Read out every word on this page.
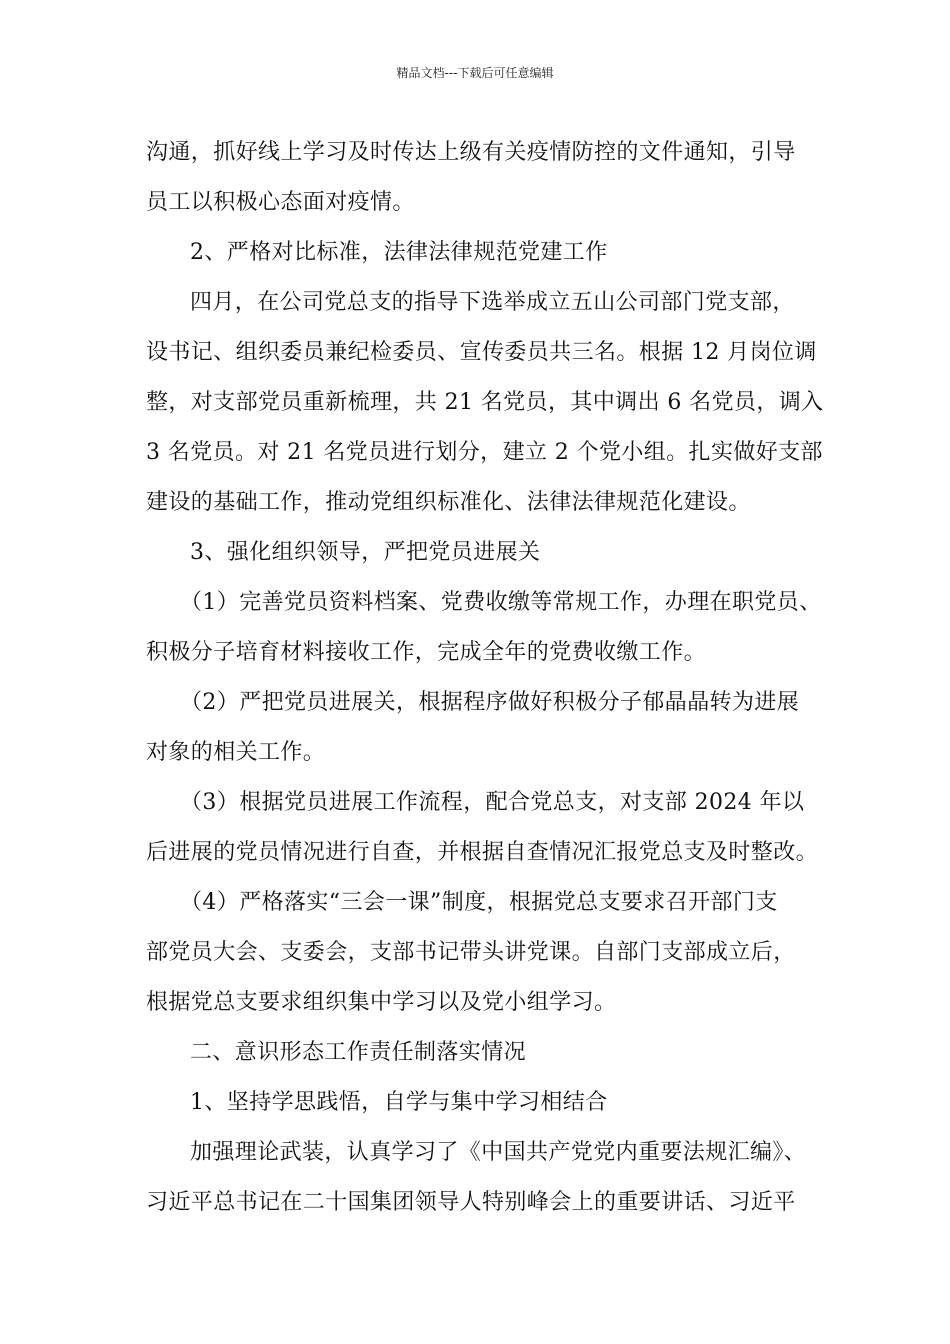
精品文档---下载后可任意编辑
沟通，抓好线上学习及时传达上级有关疫情防控的文件通知，引导
员工以积极心态面对疫情。
2、严格对比标准，法律法律规范党建工作
四月，在公司党总支的指导下选举成立五山公司部门党支部，
设书记、组织委员兼纪检委员、宣传委员共三名。根据 12 月岗位调
整，对支部党员重新梳理，共 21 名党员，其中调出 6 名党员，调入
3 名党员。对 21 名党员进行划分，建立 2 个党小组。扎实做好支部
建设的基础工作，推动党组织标准化、法律法律规范化建设。
3、强化组织领导，严把党员进展关
（1）完善党员资料档案、党费收缴等常规工作，办理在职党员、
积极分子培育材料接收工作，完成全年的党费收缴工作。
（2）严把党员进展关，根据程序做好积极分子郁晶晶转为进展
对象的相关工作。
（3）根据党员进展工作流程，配合党总支，对支部 2024 年以
后进展的党员情况进行自查，并根据自查情况汇报党总支及时整改。
（4）严格落实“三会一课”制度，根据党总支要求召开部门支
部党员大会、支委会，支部书记带头讲党课。自部门支部成立后，
根据党总支要求组织集中学习以及党小组学习。
二、意识形态工作责任制落实情况
1、坚持学思践悟，自学与集中学习相结合
加强理论武装，认真学习了《中国共产党党内重要法规汇编》、
习近平总书记在二十国集团领导人特别峰会上的重要讲话、习近平
